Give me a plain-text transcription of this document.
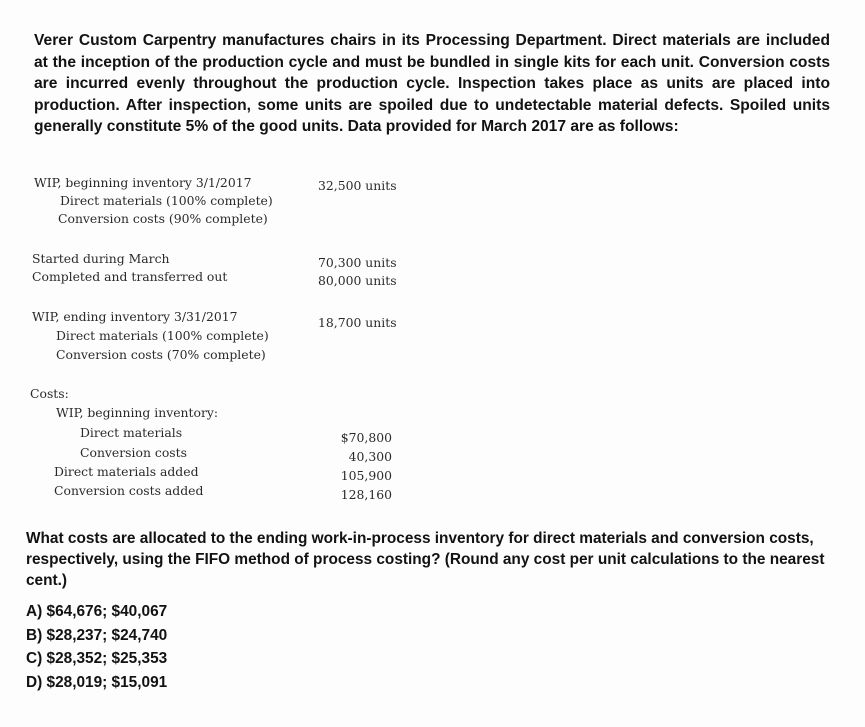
Verer Custom Carpentry manufactures chairs in its Processing Department. Direct materials are included at the inception of the production cycle and must be bundled in single kits for each unit. Conversion costs are incurred evenly throughout the production cycle. Inspection takes place as units are placed into production. After inspection, some units are spoiled due to undetectable material defects. Spoiled units generally constitute 5% of the good units. Data provided for March 2017 are as follows:

WIP, beginning inventory 3/1/2017	32,500 units
Direct materials (100% complete)
Conversion costs (90% complete)
Started during March	70,300 units
Completed and transferred out	80,000 units
WIP, ending inventory 3/31/2017	18,700 units
Direct materials (100% complete)
Conversion costs (70% complete)
Costs:
WIP, beginning inventory:
Direct materials	$70,800
Conversion costs	40,300
Direct materials added	105,900
Conversion costs added	128,160

What costs are allocated to the ending work-in-process inventory for direct materials and conversion costs, respectively, using the FIFO method of process costing? (Round any cost per unit calculations to the nearest cent.)

A) $64,676; $40,067
B) $28,237; $24,740
C) $28,352; $25,353
D) $28,019; $15,091
